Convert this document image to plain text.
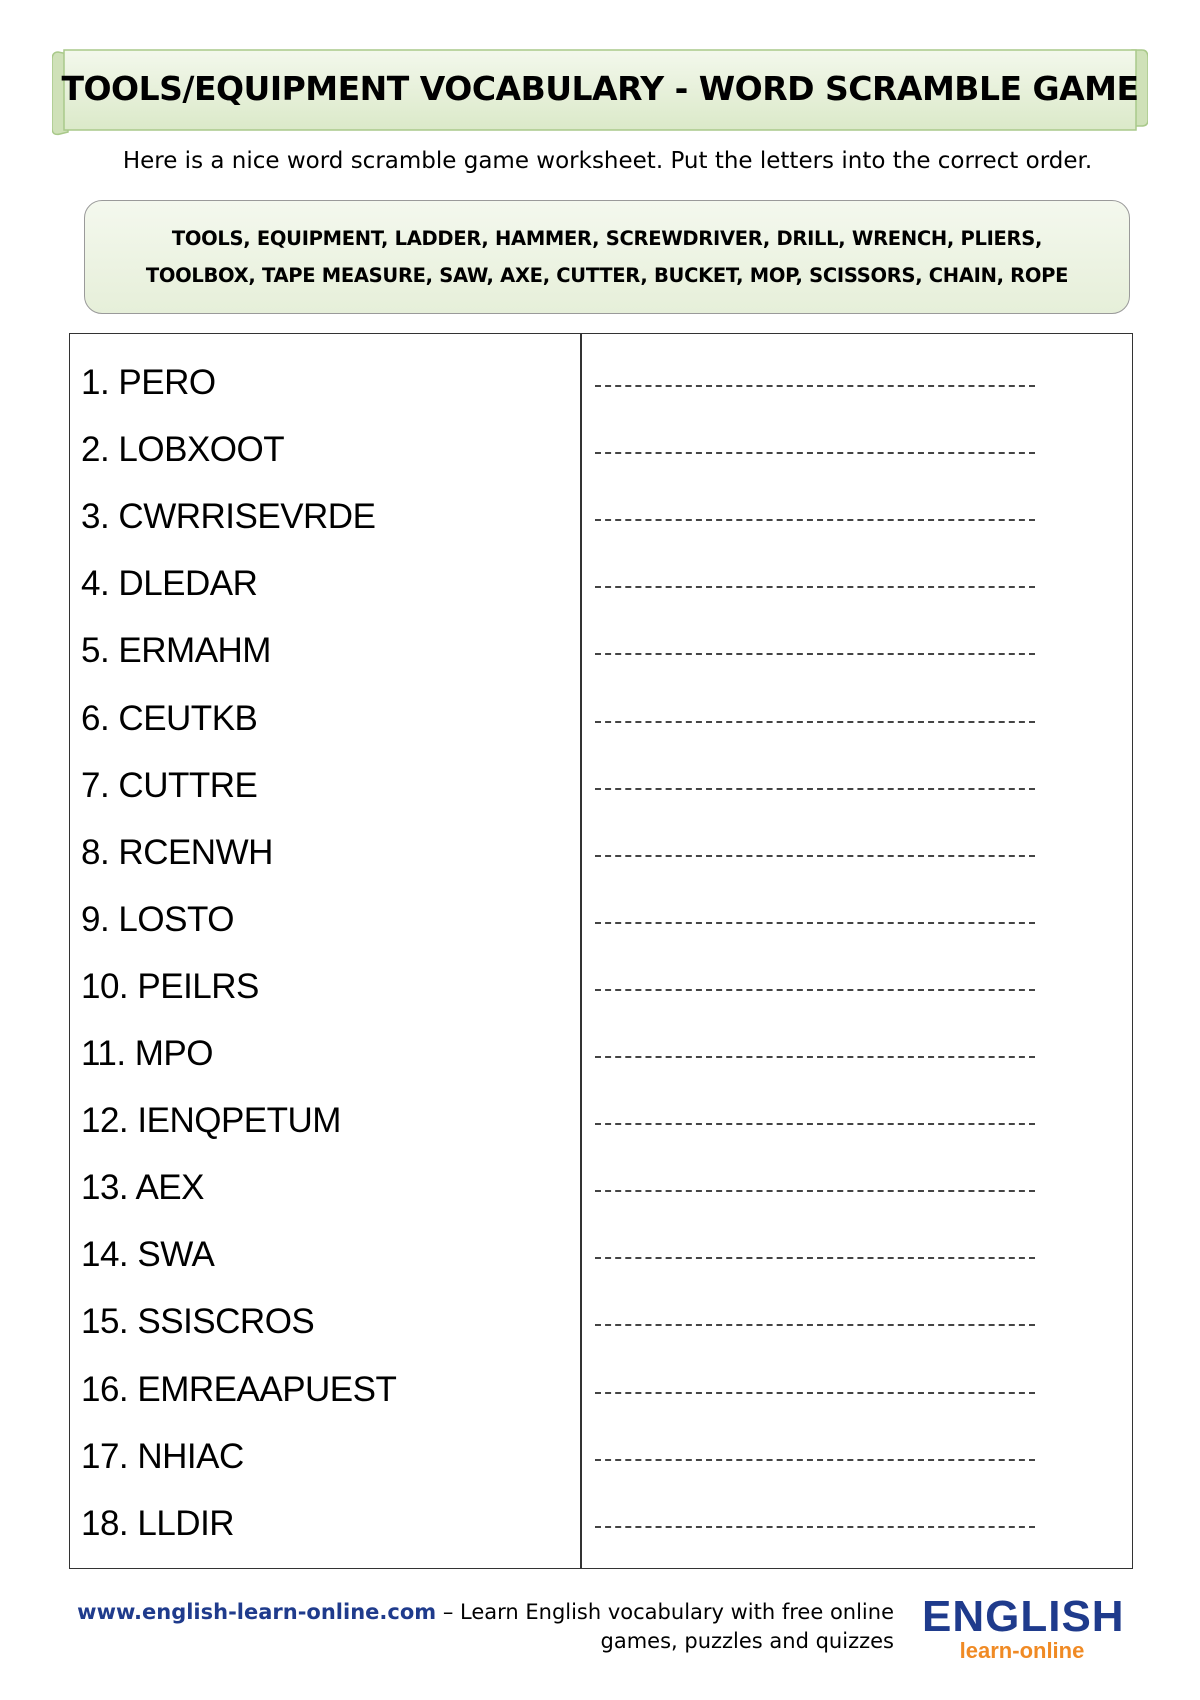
TOOLS/EQUIPMENT VOCABULARY - WORD SCRAMBLE GAME
Here is a nice word scramble game worksheet. Put the letters into the correct order.
TOOLS, EQUIPMENT, LADDER, HAMMER, SCREWDRIVER, DRILL, WRENCH, PLIERS,
TOOLBOX, TAPE MEASURE, SAW, AXE, CUTTER, BUCKET, MOP, SCISSORS, CHAIN, ROPE
1. PERO
2. LOBXOOT
3. CWRRISEVRDE
4. DLEDAR
5. ERMAHM
6. CEUTKB
7. CUTTRE
8. RCENWH
9. LOSTO
10. PEILRS
11. MPO
12. IENQPETUM
13. AEX
14. SWA
15. SSISCROS
16. EMREAAPUEST
17. NHIAC
18. LLDIR
www.english-learn-online.com – Learn English vocabulary with free online
games, puzzles and quizzes ENGLISH
learn-online
